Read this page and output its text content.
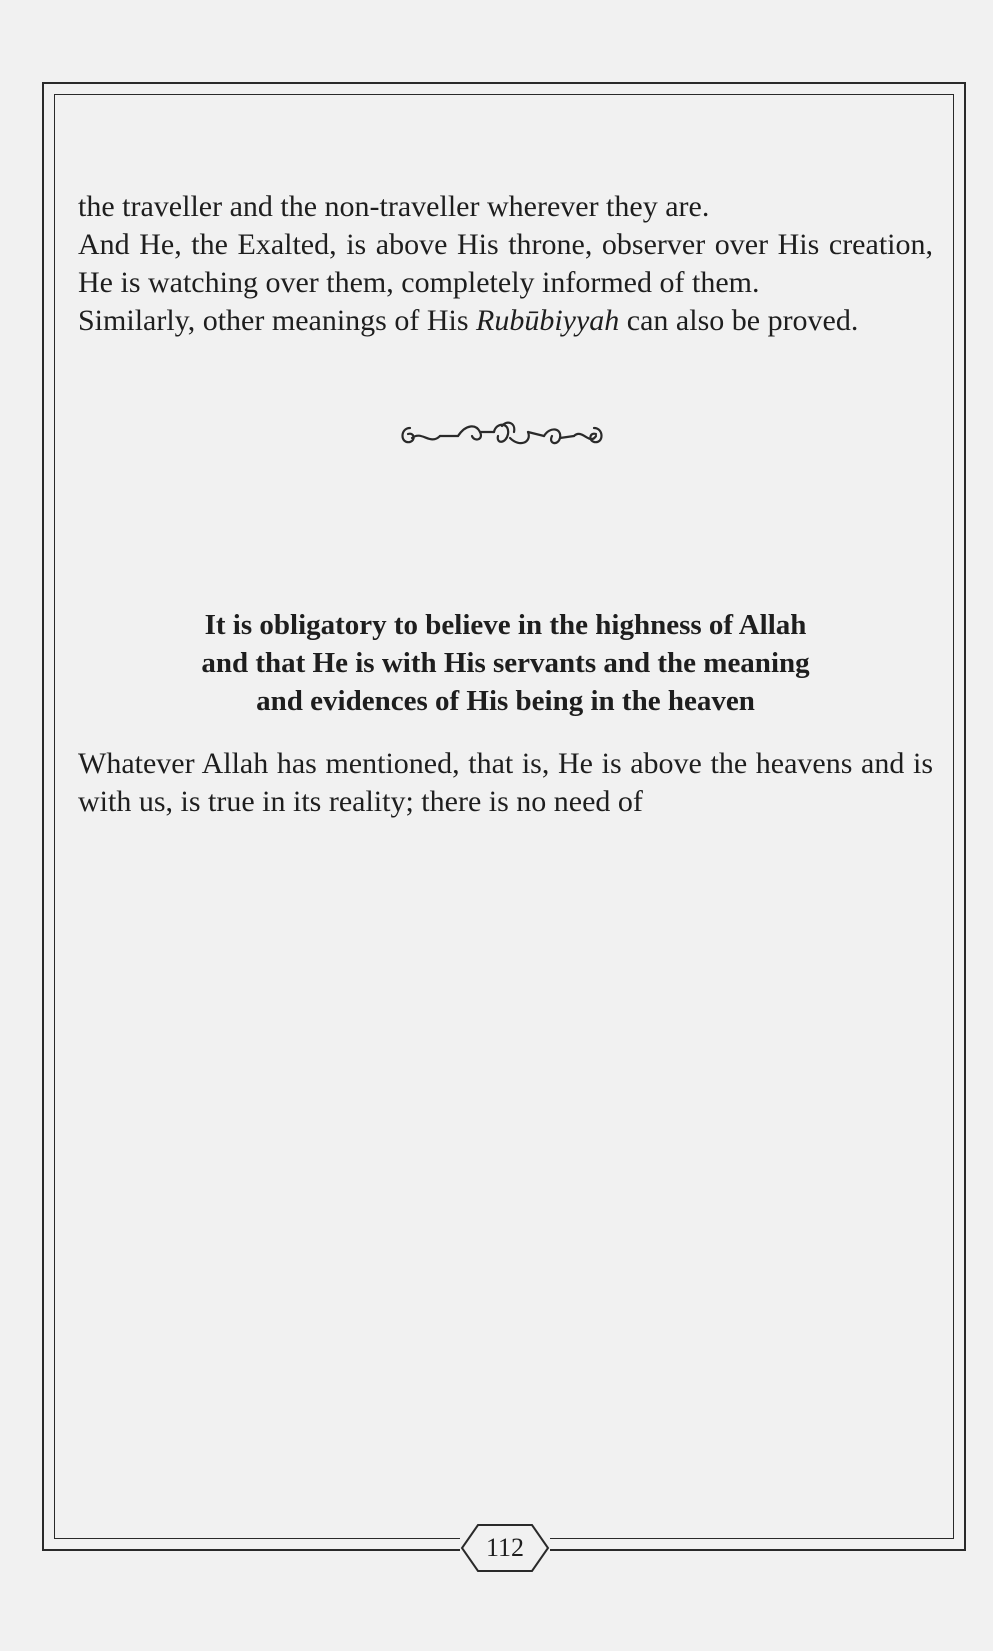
the traveller and the non-traveller wherever they are.

And He, the Exalted, is above His throne, observer over His creation, He is watching over them, completely informed of them.

Similarly, other meanings of His Rubūbiyyah can also be proved.

It is obligatory to believe in the highness of Allah
and that He is with His servants and the meaning
and evidences of His being in the heaven

Whatever Allah has mentioned, that is, He is above the heavens and is with us, is true in its reality; there is no need of

112
